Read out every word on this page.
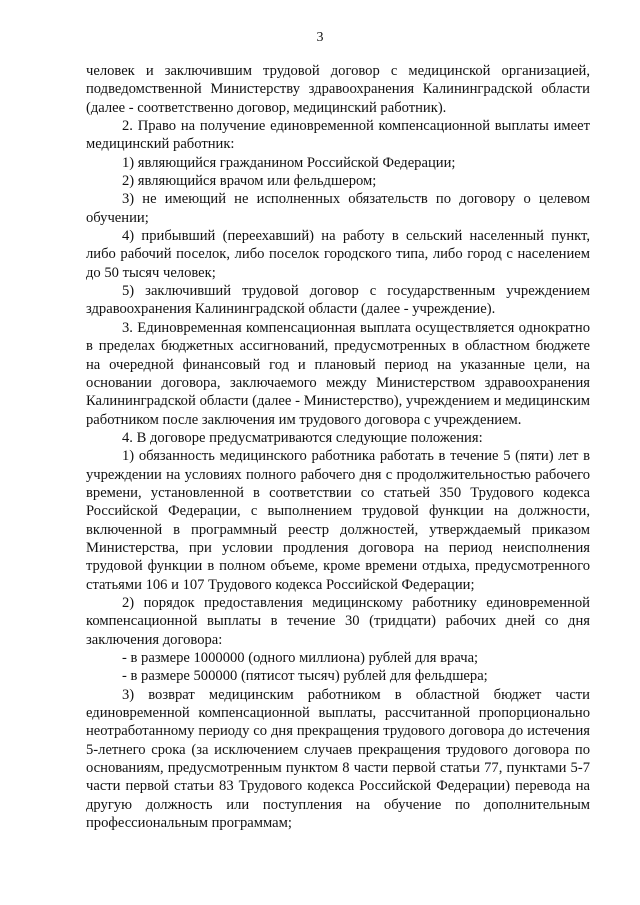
3

человек и заключившим трудовой договор с медицинской организацией, подведомственной Министерству здравоохранения Калининградской области (далее - соответственно договор, медицинский работник).

2. Право на получение единовременной компенсационной выплаты имеет медицинский работник:

1) являющийся гражданином Российской Федерации;

2) являющийся врачом или фельдшером;

3) не имеющий не исполненных обязательств по договору о целевом обучении;

4) прибывший (переехавший) на работу в сельский населенный пункт, либо рабочий поселок, либо поселок городского типа, либо город с населением до 50 тысяч человек;

5) заключивший трудовой договор с государственным учреждением здравоохранения Калининградской области (далее - учреждение).

3. Единовременная компенсационная выплата осуществляется однократно в пределах бюджетных ассигнований, предусмотренных в областном бюджете на очередной финансовый год и плановый период на указанные цели, на основании договора, заключаемого между Министерством здравоохранения Калининградской области (далее - Министерство), учреждением и медицинским работником после заключения им трудового договора с учреждением.

4. В договоре предусматриваются следующие положения:

1) обязанность медицинского работника работать в течение 5 (пяти) лет в учреждении на условиях полного рабочего дня с продолжительностью рабочего времени, установленной в соответствии со статьей 350 Трудового кодекса Российской Федерации, с выполнением трудовой функции на должности, включенной в программный реестр должностей, утверждаемый приказом Министерства, при условии продления договора на период неисполнения трудовой функции в полном объеме, кроме времени отдыха, предусмотренного статьями 106 и 107 Трудового кодекса Российской Федерации;

2) порядок предоставления медицинскому работнику единовременной компенсационной выплаты в течение 30 (тридцати) рабочих дней со дня заключения договора:

- в размере 1000000 (одного миллиона) рублей для врача;

- в размере 500000 (пятисот тысяч) рублей для фельдшера;

3) возврат медицинским работником в областной бюджет части единовременной компенсационной выплаты, рассчитанной пропорционально неотработанному периоду со дня прекращения трудового договора до истечения 5-летнего срока (за исключением случаев прекращения трудового договора по основаниям, предусмотренным пунктом 8 части первой статьи 77, пунктами 5-7 части первой статьи 83 Трудового кодекса Российской Федерации) перевода на другую должность или поступления на обучение по дополнительным профессиональным программам;
